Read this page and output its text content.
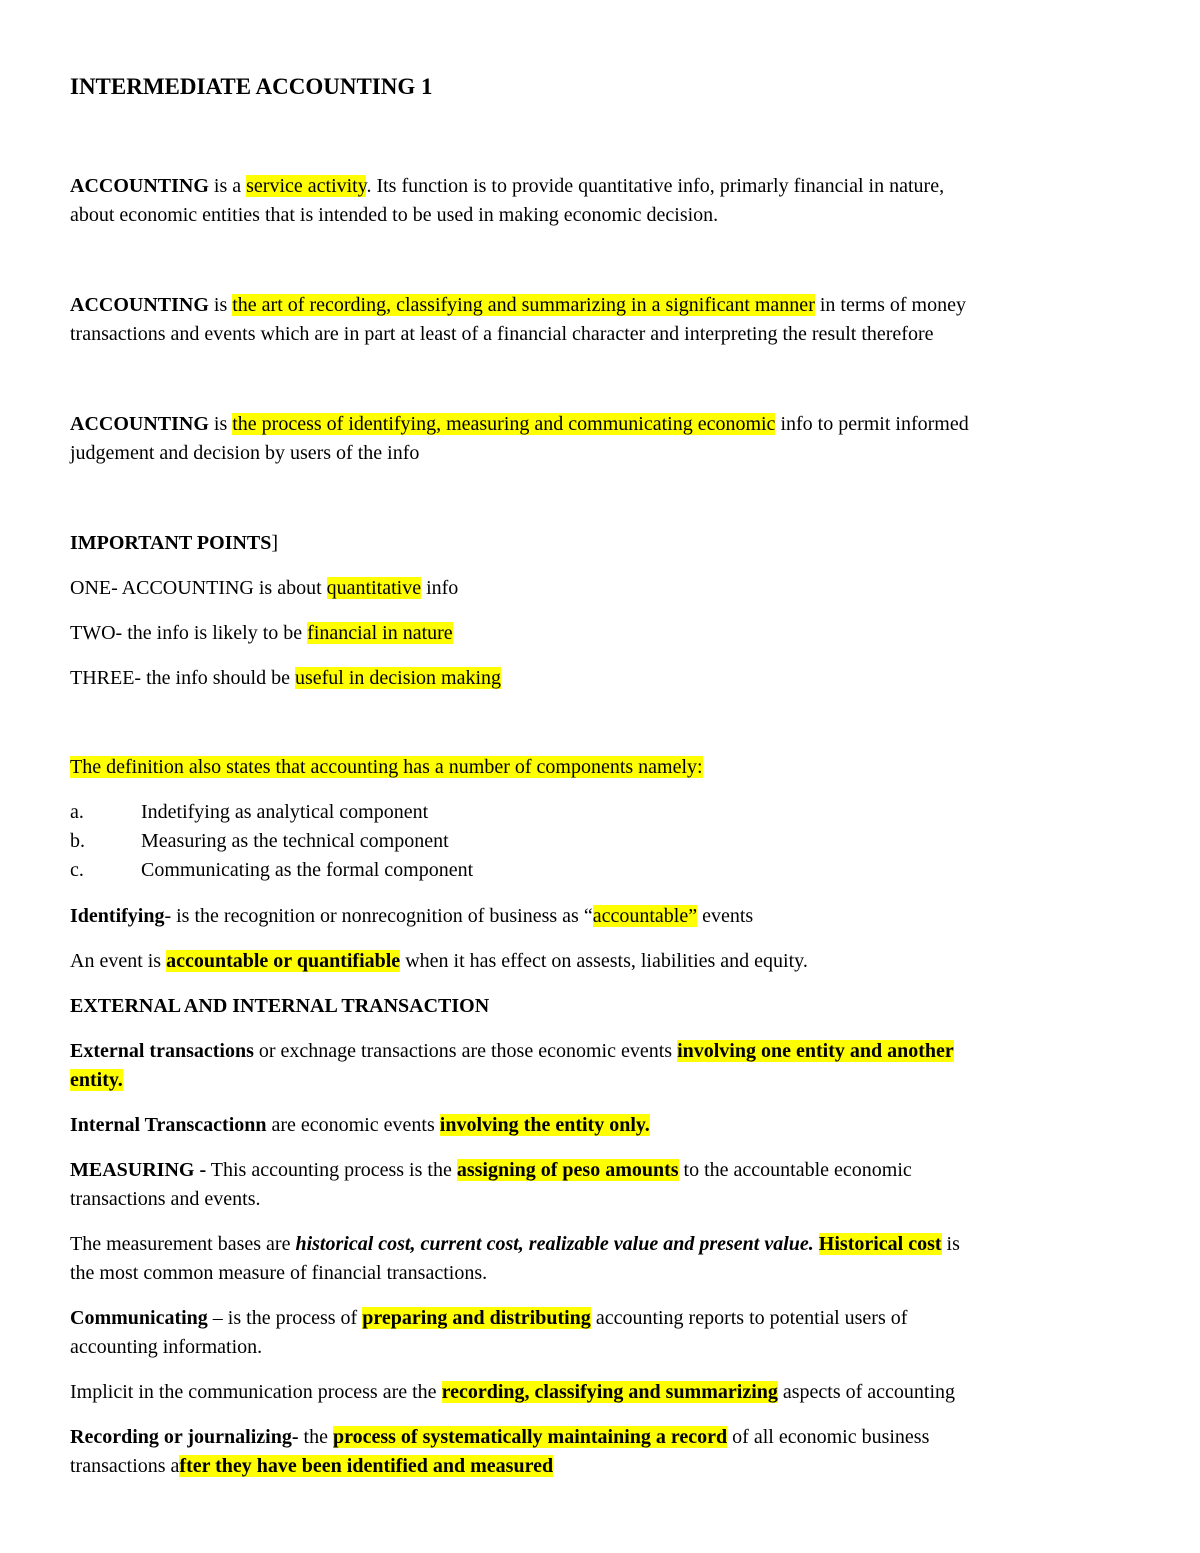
INTERMEDIATE ACCOUNTING 1

ACCOUNTING is a service activity. Its function is to provide quantitative info, primarly financial in nature,

about economic entities that is intended to be used in making economic decision.

ACCOUNTING is the art of recording, classifying and summarizing in a significant manner in terms of money

transactions and events which are in part at least of a financial character and interpreting the result therefore

ACCOUNTING is the process of identifying, measuring and communicating economic info to permit informed

judgement and decision by users of the info

IMPORTANT POINTS]

ONE- ACCOUNTING is about quantitative info

TWO- the info is likely to be financial in nature

THREE- the info should be useful in decision making

The definition also states that accounting has a number of components namely:

a.	Indetifying as analytical component

b.	Measuring as the technical component

c.	Communicating as the formal component

Identifying- is the recognition or nonrecognition of business as “accountable” events

An event is accountable or quantifiable when it has effect on assests, liabilities and equity.

EXTERNAL AND INTERNAL TRANSACTION

External transactions or exchnage transactions are those economic events involving one entity and another

entity.

Internal Transcactionn are economic events involving the entity only.

MEASURING - This accounting process is the assigning of peso amounts to the accountable economic

transactions and events.

The measurement bases are historical cost, current cost, realizable value and present value. Historical cost is

the most common measure of financial transactions.

Communicating – is the process of preparing and distributing accounting reports to potential users of

accounting information.

Implicit in the communication process are the recording, classifying and summarizing aspects of accounting

Recording or journalizing- the process of systematically maintaining a record of all economic business

transactions after they have been identified and measured
